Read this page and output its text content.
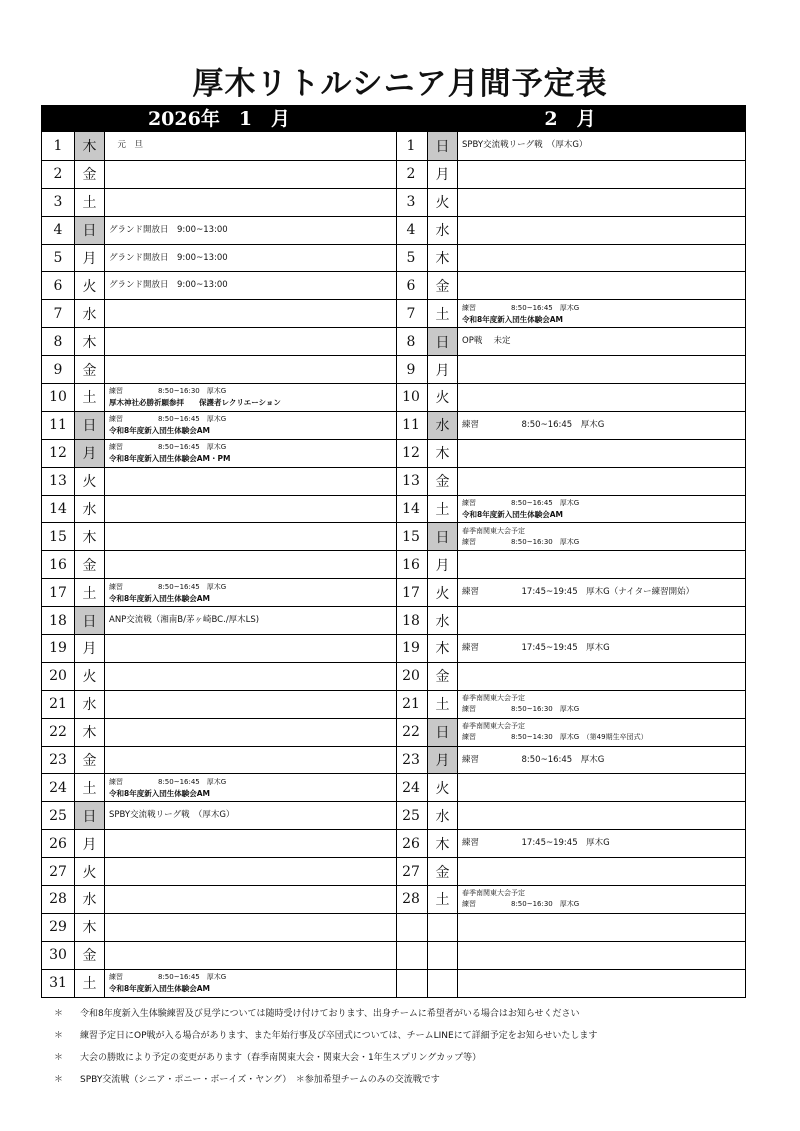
厚木リトルシニア月間予定表
2026年　1　月
1	木	　元　旦
2	金
3	土
4	日	グランド開放日　9:00~13:00
5	月	グランド開放日　9:00~13:00
6	火	グランド開放日　9:00~13:00
7	水
8	木
9	金
10	土	練習　　　　　8:50~16:30　厚木G
厚木神社必勝祈願参拝　　保護者レクリエーション
11	日	練習　　　　　8:50~16:45　厚木G
令和8年度新入団生体験会AM
12	月	練習　　　　　8:50~16:45　厚木G
令和8年度新入団生体験会AM・PM
13	火
14	水
15	木
16	金
17	土	練習　　　　　8:50~16:45　厚木G
令和8年度新入団生体験会AM
18	日	ANP交流戦（湘南B/茅ヶ崎BC./厚木LS)
19	月
20	火
21	水
22	木
23	金
24	土	練習　　　　　8:50~16:45　厚木G
令和8年度新入団生体験会AM
25	日	SPBY交流戦リーグ戦　（厚木G）
26	月
27	火
28	水
29	木
30	金
31	土	練習　　　　　8:50~16:45　厚木G
令和8年度新入団生体験会AM
2　月
1	日	SPBY交流戦リーグ戦　（厚木G）
2	月
3	火
4	水
5	木
6	金
7	土	練習　　　　　8:50~16:45　厚木G
令和8年度新入団生体験会AM
8	日	OP戦　 未定
9	月
10	火
11	水	練習　　　　　8:50~16:45　厚木G
12	木
13	金
14	土	練習　　　　　8:50~16:45　厚木G
令和8年度新入団生体験会AM
15	日	春季南関東大会予定
練習　　　　　8:50~16:30　厚木G
16	月
17	火	練習　　　　　17:45~19:45　厚木G（ナイター練習開始）
18	水
19	木	練習　　　　　17:45~19:45　厚木G
20	金
21	土	春季南関東大会予定
練習　　　　　8:50~16:30　厚木G
22	日	春季南関東大会予定
練習　　　　　8:50~14:30　厚木G　（第49期生卒団式）
23	月	練習　　　　　8:50~16:45　厚木G
24	火
25	水
26	木	練習　　　　　17:45~19:45　厚木G
27	金
28	土	春季南関東大会予定
練習　　　　　8:50~16:30　厚木G
＊ 令和8年度新入生体験練習及び見学については随時受け付けております、出身チームに希望者がいる場合はお知らせください
＊ 練習予定日にOP戦が入る場合があります、また年始行事及び卒団式については、チームLINEにて詳細予定をお知らせいたします
＊ 大会の勝敗により予定の変更があります（春季南関東大会・関東大会・1年生スプリングカップ等）
＊ SPBY交流戦（シニア・ポニー・ボーイズ・ヤング）　＊参加希望チームのみの交流戦です
